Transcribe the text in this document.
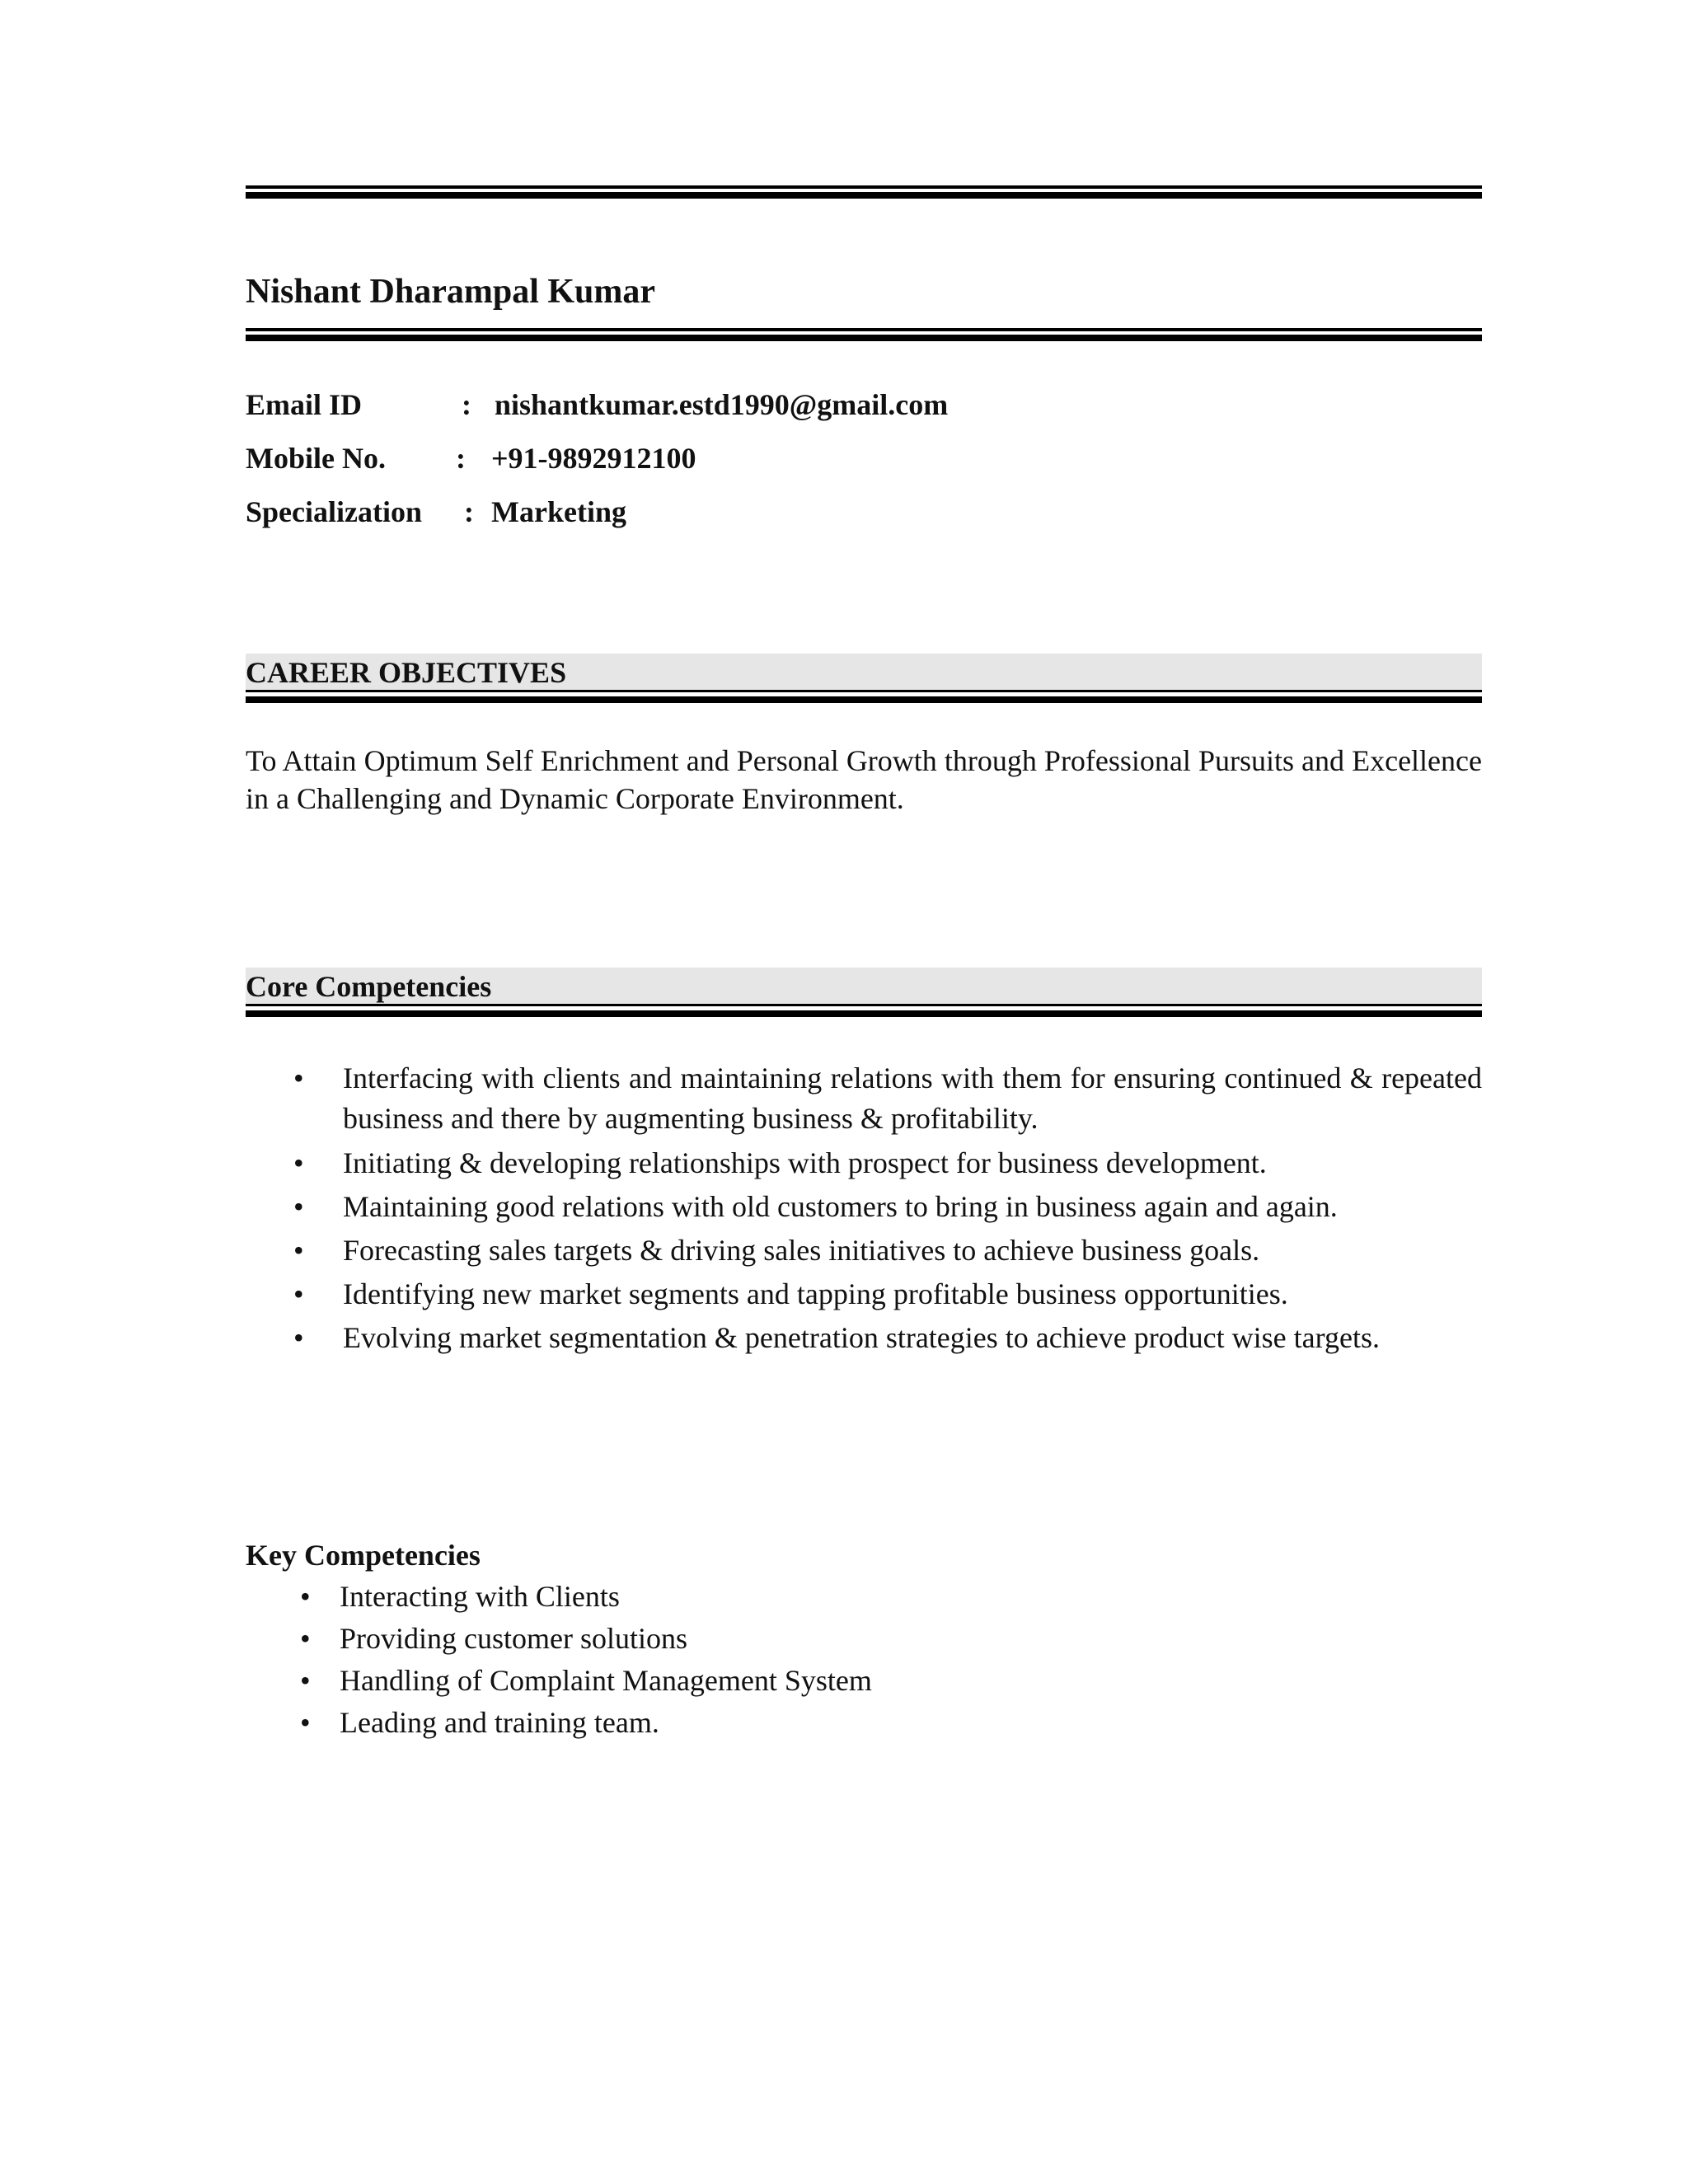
Nishant Dharampal Kumar
Email ID	: nishantkumar.estd1990@gmail.com
Mobile No. : +91-9892912100
Specialization : Marketing
CAREER OBJECTIVES
To Attain Optimum Self Enrichment and Personal Growth through Professional Pursuits and Excellence in a Challenging and Dynamic Corporate Environment.
Core Competencies
• Interfacing with clients and maintaining relations with them for ensuring continued & repeated business and there by augmenting business & profitability.
• Initiating & developing relationships with prospect for business development.
• Maintaining good relations with old customers to bring in business again and again.
• Forecasting sales targets & driving sales initiatives to achieve business goals.
• Identifying new market segments and tapping profitable business opportunities.
• Evolving market segmentation & penetration strategies to achieve product wise targets.
Key Competencies
• Interacting with Clients
• Providing customer solutions
• Handling of Complaint Management System
• Leading and training team.
